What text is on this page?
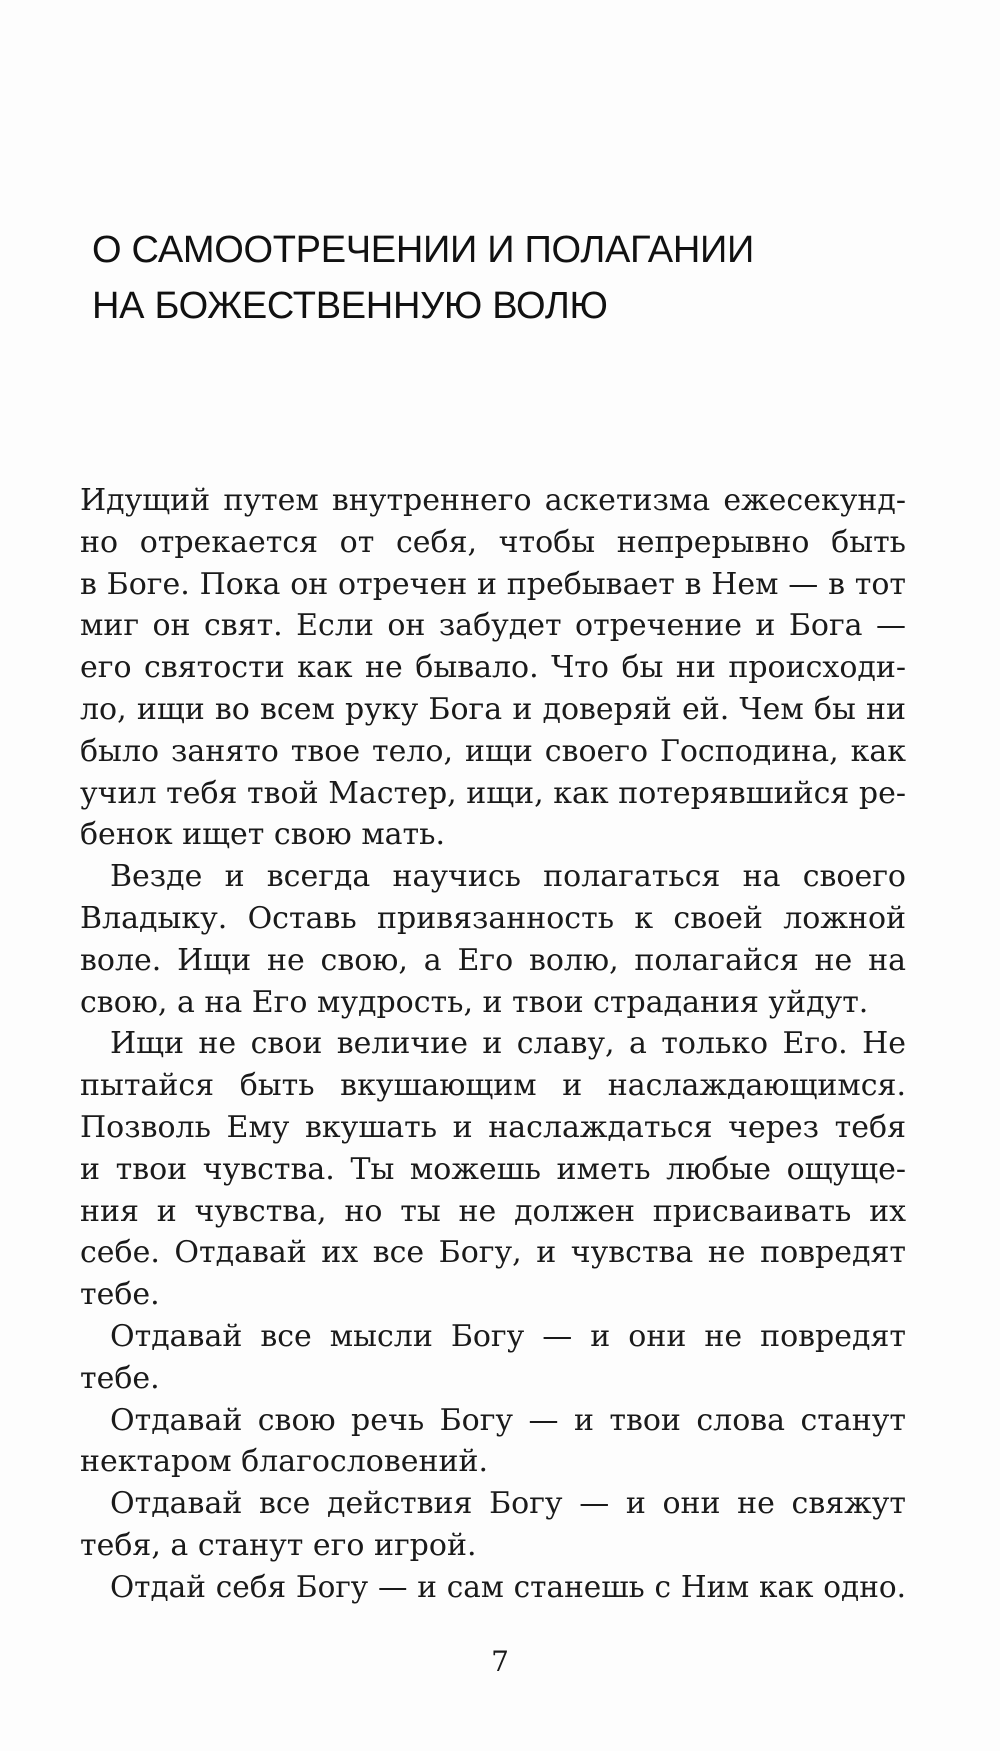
О САМООТРЕЧЕНИИ И ПОЛАГАНИИ
НА БОЖЕСТВЕННУЮ ВОЛЮ
Идущий путем внутреннего аскетизма ежесекунд-
но отрекается от себя, чтобы непрерывно быть
в Боге. Пока он отречен и пребывает в Нем — в тот
миг он свят. Если он забудет отречение и Бога —
его святости как не бывало. Что бы ни происходи-
ло, ищи во всем руку Бога и доверяй ей. Чем бы ни
было занято твое тело, ищи своего Господина, как
учил тебя твой Мастер, ищи, как потерявшийся ре-
бенок ищет свою мать.
Везде и всегда научись полагаться на своего
Владыку. Оставь привязанность к своей ложной
воле. Ищи не свою, а Его волю, полагайся не на
свою, а на Его мудрость, и твои страдания уйдут.
Ищи не свои величие и славу, а только Его. Не
пытайся быть вкушающим и наслаждающимся.
Позволь Ему вкушать и наслаждаться через тебя
и твои чувства. Ты можешь иметь любые ощуще-
ния и чувства, но ты не должен присваивать их
себе. Отдавай их все Богу, и чувства не повредят
тебе.
Отдавай все мысли Богу — и они не повредят
тебе.
Отдавай свою речь Богу — и твои слова станут
нектаром благословений.
Отдавай все действия Богу — и они не свяжут
тебя, а станут его игрой.
Отдай себя Богу — и сам станешь с Ним как одно.
7
